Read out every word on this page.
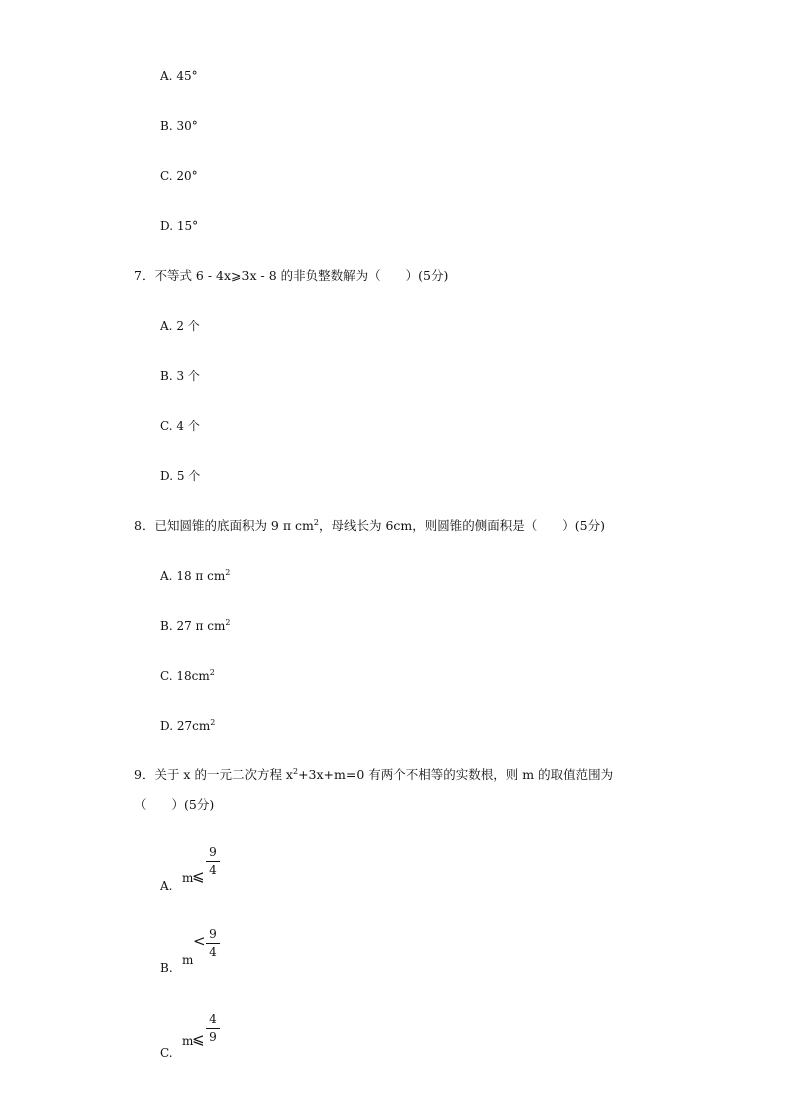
A. 45°
B. 30°
C. 20°
D. 15°
7．不等式 6 - 4x⩾3x - 8 的非负整数解为（　　）(5分)
A. 2 个
B. 3 个
C. 4 个
D. 5 个
8．已知圆锥的底面积为 9 π $cm^2$，母线长为 6cm，则圆锥的侧面积是（　　）(5分)
A. 18 π $cm^2$
B. 27 π $cm^2$
C. $18cm^2$
D. $27cm^2$
9．关于 x 的一元二次方程 $x^2+3x+m=0$ 有两个不相等的实数根，则 m 的取值范围为
（　　）(5分)
A.
m
⩽
9
4
B.
m
< 9
4
C.
m
⩽
4
9
